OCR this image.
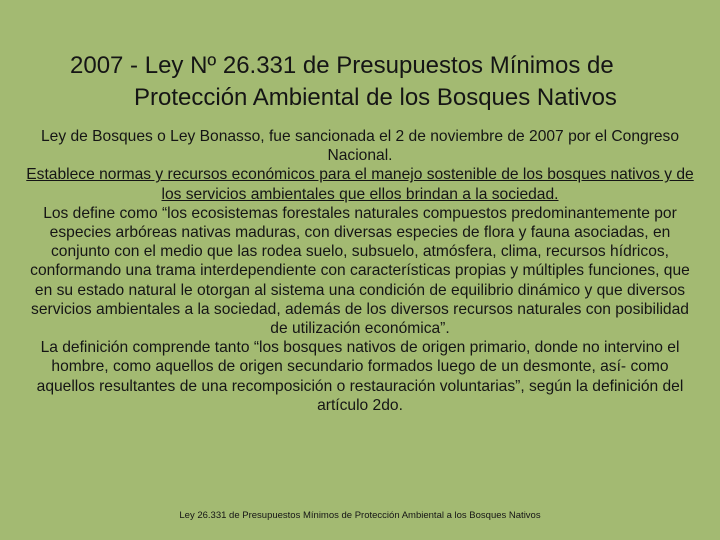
2007 - Ley Nº 26.331 de Presupuestos Mínimos de
Protección Ambiental de los Bosques Nativos

Ley de Bosques o Ley Bonasso, fue sancionada el 2 de noviembre de 2007 por el Congreso Nacional.

Establece normas y recursos económicos para el manejo sostenible de los bosques nativos y de los servicios ambientales que ellos brindan a la sociedad.

Los define como “los ecosistemas forestales naturales compuestos predominantemente por especies arbóreas nativas maduras, con diversas especies de flora y fauna asociadas, en conjunto con el medio que las rodea suelo, subsuelo, atmósfera, clima, recursos hídricos, conformando una trama interdependiente con características propias y múltiples funciones, que en su estado natural le otorgan al sistema una condición de equilibrio dinámico y que diversos servicios ambientales a la sociedad, además de los diversos recursos naturales con posibilidad de utilización económica”.

La definición comprende tanto “los bosques nativos de origen primario, donde no intervino el hombre, como aquellos de origen secundario formados luego de un desmonte, así- como aquellos resultantes de una recomposición o restauración voluntarias”, según la definición del artículo 2do.

Ley 26.331 de Presupuestos Mínimos de Protección Ambiental a los Bosques Nativos
